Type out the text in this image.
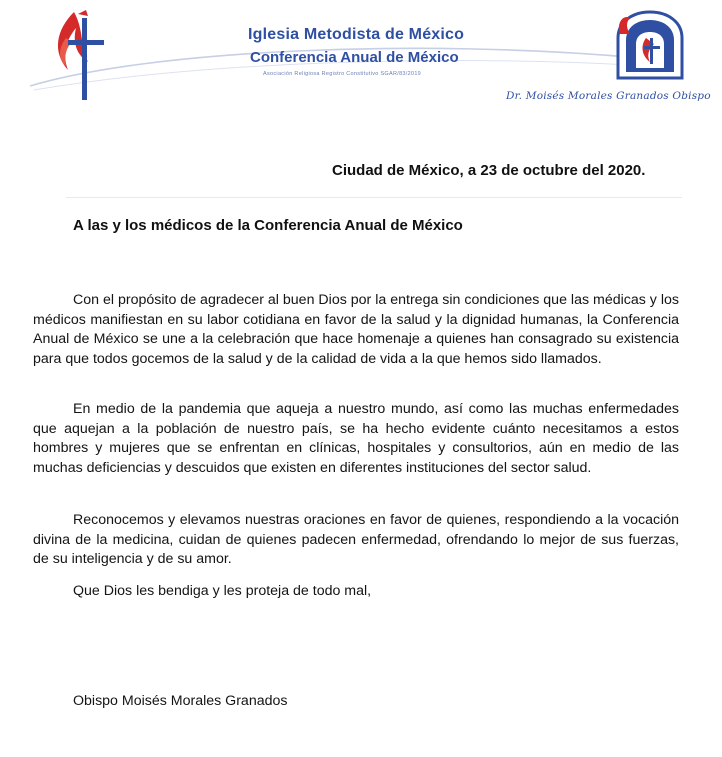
Iglesia Metodista de México
Conferencia Anual de México
Asociación Religiosa Registro Constitutivo SGAR/83/2019
Dr. Moisés Morales Granados Obispo
Ciudad de México, a 23 de octubre del 2020.
A las y los médicos de la Conferencia Anual de México
Con el propósito de agradecer al buen Dios por la entrega sin condiciones que las médicas y los médicos manifiestan en su labor cotidiana en favor de la salud y la dignidad humanas, la Conferencia Anual de México se une a la celebración que hace homenaje a quienes han consagrado su existencia para que todos gocemos de la salud y de la calidad de vida a la que hemos sido llamados.
En medio de la pandemia que aqueja a nuestro mundo, así como las muchas enfermedades que aquejan a la población de nuestro país, se ha hecho evidente cuánto necesitamos a estos hombres y mujeres que se enfrentan en clínicas, hospitales y consultorios, aún en medio de las muchas deficiencias y descuidos que existen en diferentes instituciones del sector salud.
Reconocemos y elevamos nuestras oraciones en favor de quienes, respondiendo a la vocación divina de la medicina, cuidan de quienes padecen enfermedad, ofrendando lo mejor de sus fuerzas, de su inteligencia y de su amor.
Que Dios les bendiga y les proteja de todo mal,
Obispo Moisés Morales Granados
